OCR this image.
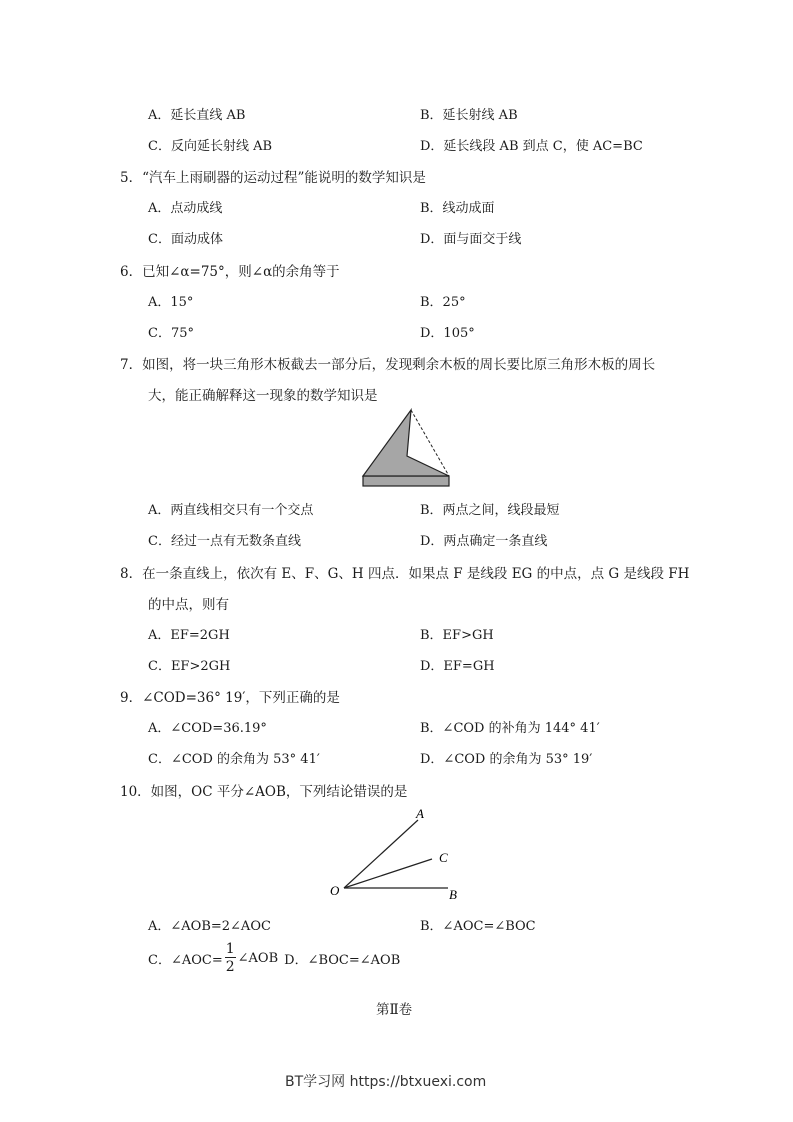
A．延长直线 AB	B．延长射线 AB
C．反向延长射线 AB	D．延长线段 AB 到点 C，使 AC=BC
5．“汽车上雨刷器的运动过程”能说明的数学知识是
A．点动成线	B．线动成面
C．面动成体	D．面与面交于线
6．已知∠α=75°，则∠α的余角等于
A．15°	B．25°
C．75°	D．105°
7．如图，将一块三角形木板截去一部分后，发现剩余木板的周长要比原三角形木板的周长
大，能正确解释这一现象的数学知识是
A．两直线相交只有一个交点	B．两点之间，线段最短
C．经过一点有无数条直线	D．两点确定一条直线
8．在一条直线上，依次有 E、F、G、H 四点．如果点 F 是线段 EG 的中点，点 G 是线段 FH
的中点，则有
A．EF=2GH	B．EF>GH
C．EF>2GH	D．EF=GH
9．∠COD=36° 19′，下列正确的是
A．∠COD=36.19°	B．∠COD 的补角为 144° 41′
C．∠COD 的余角为 53° 41′	D．∠COD 的余角为 53° 19′
10．如图，OC 平分∠AOB，下列结论错误的是
A
C
B
O
A．∠AOB=2∠AOC	B．∠AOC=∠BOC
C．∠AOC= $\frac{1}{2}$ ∠AOB D．∠BOC=∠AOB
第Ⅱ卷
BT学习网 https://btxuexi.com
